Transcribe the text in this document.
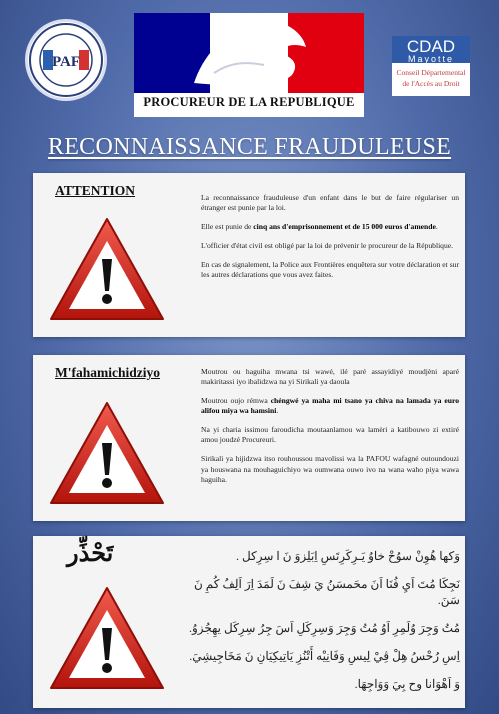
PAF
PROCUREUR DE LA REPUBLIQUE
CDAD
Mayotte
Conseil Départemental
de l'Accès au Droit
RECONNAISSANCE FRAUDULEUSE
ATTENTION	La reconnaissance frauduleuse d'un enfant dans le but de faire régulariser un étranger est punie par la loi.

Elle est punie de cinq ans d'emprisonnement et de 15 000 euros d'amende.

L'officier d'état civil est obligé par la loi de prévenir le procureur de la République.

En cas de signalement, la Police aux Frontières enquêtera sur votre déclaration et sur les autres déclarations que vous avez faites.

M'fahamichidziyo	Moutrou ou haguiha mwana tsi wawé, ilé paré assayidiyé moudjèni aparé makiritassi iyo ibalidzwa na yi Sirikali ya daoula

Moutrou oujo rémwa chéngwé ya maha mi tsano ya chiva na lamada ya euro alifou miya wa hamsini.

Na yi charia issimou faroudicha moutaanlamou wa lamèri a katibouwo zi extiré amou joudzé Procureuri.

Sirikali ya hijidzwa itso rouhoussou mavolissi wa la PAFOU wafagné outoundouzi ya houswana na mouhaguichiyo wa oumwana ouwo ivo na wana waho piya wawa haguiha.

تَحْذِّر	وَكها هُوِنْ سوُحْ خاوُ يَـرِكَرِتَسِ اِبَلِزوَ نَ ا سِرِكل .

نَجِكَا مُتَ اَيِ فُنَا اَنَ محَمسَنُ يَ شِفَ نَ لَمَدَ اِرَ اَلِفُ كُمِ نَ سَنَ.

مُتُ وَجِرَ وُلَمِرِ اَوُ مُتُ وَجِرَ وَسِرِكَلِ اَسَ جِرُ سِرِكَل يهِجُزوُ.

اِسِ رُحْسُ هِلْ ڤِيْ لِيسِ وَفَانِيْه أَتْنُزِ يَاتِيكِيَانِ نَ مَخَاجِيشِيَ.

وَ اَهْوَانا وح بِيَ وَوَاجِهَا.
